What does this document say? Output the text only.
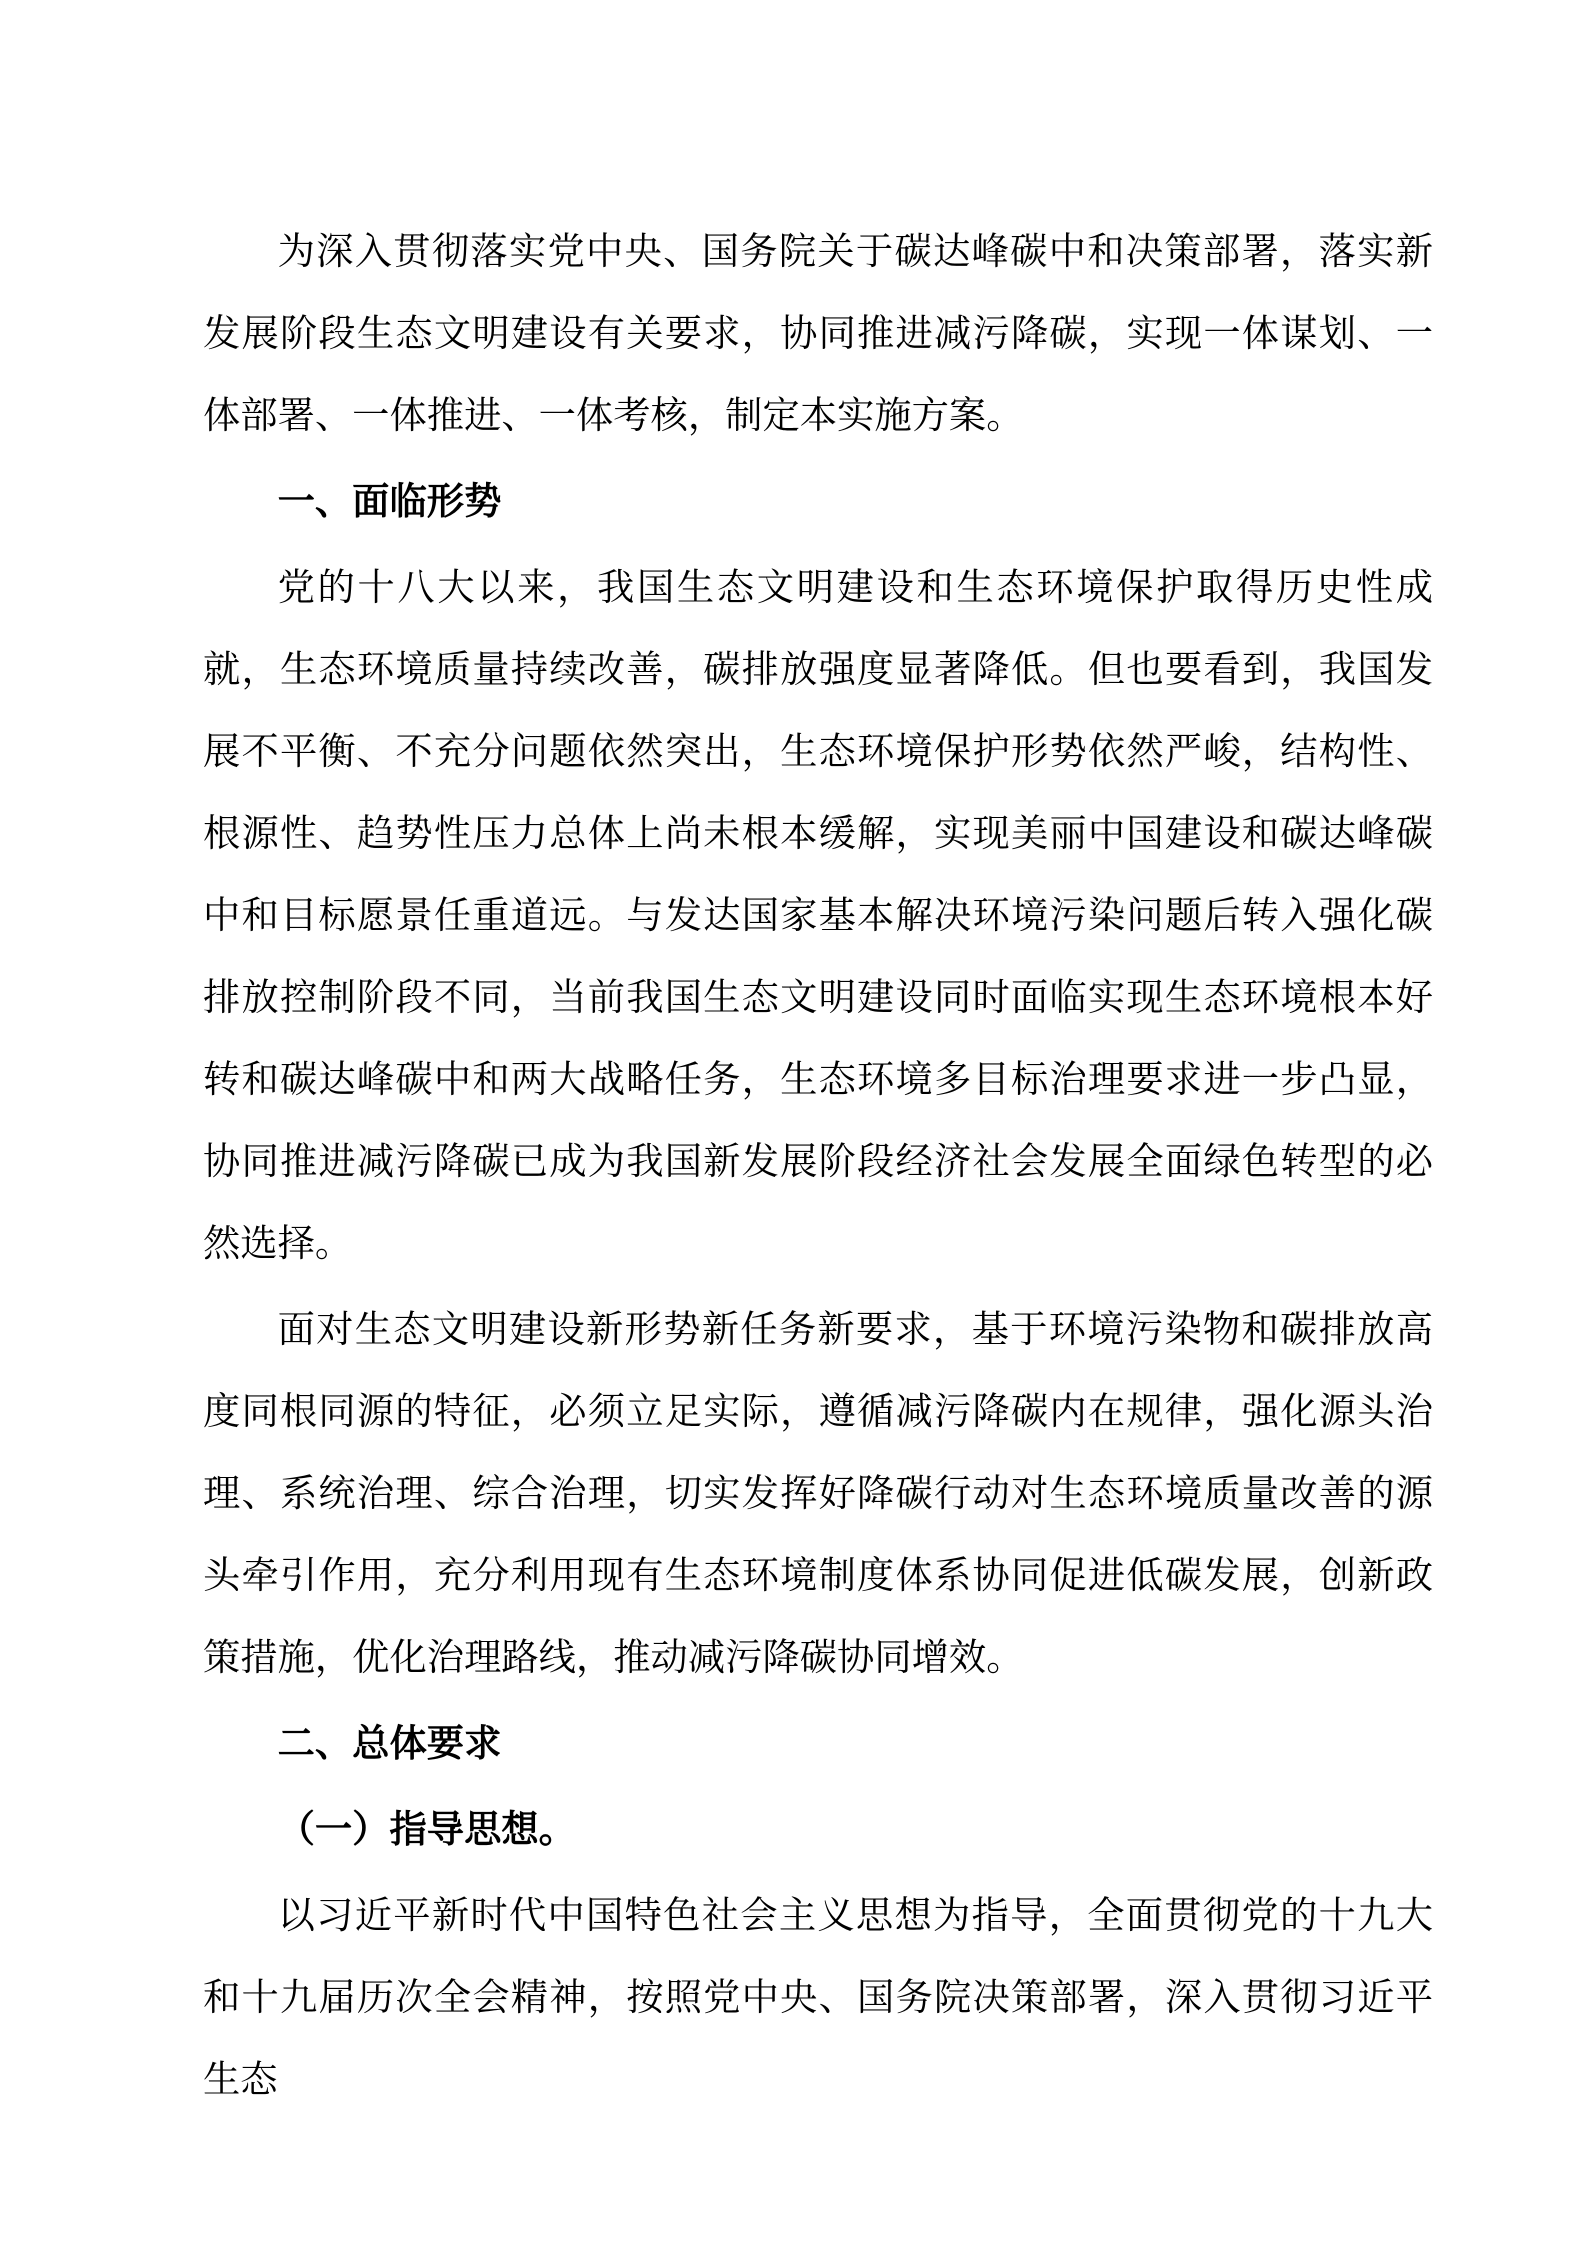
为深入贯彻落实党中央、国务院关于碳达峰碳中和决策部署，落实新发展阶段生态文明建设有关要求，协同推进减污降碳，实现一体谋划、一体部署、一体推进、一体考核，制定本实施方案。

一、面临形势

党的十八大以来，我国生态文明建设和生态环境保护取得历史性成就，生态环境质量持续改善，碳排放强度显著降低。但也要看到，我国发展不平衡、不充分问题依然突出，生态环境保护形势依然严峻，结构性、根源性、趋势性压力总体上尚未根本缓解，实现美丽中国建设和碳达峰碳中和目标愿景任重道远。与发达国家基本解决环境污染问题后转入强化碳排放控制阶段不同，当前我国生态文明建设同时面临实现生态环境根本好转和碳达峰碳中和两大战略任务，生态环境多目标治理要求进一步凸显，协同推进减污降碳已成为我国新发展阶段经济社会发展全面绿色转型的必然选择。

面对生态文明建设新形势新任务新要求，基于环境污染物和碳排放高度同根同源的特征，必须立足实际，遵循减污降碳内在规律，强化源头治理、系统治理、综合治理，切实发挥好降碳行动对生态环境质量改善的源头牵引作用，充分利用现有生态环境制度体系协同促进低碳发展，创新政策措施，优化治理路线，推动减污降碳协同增效。

二、总体要求

（一）指导思想。

以习近平新时代中国特色社会主义思想为指导，全面贯彻党的十九大和十九届历次全会精神，按照党中央、国务院决策部署，深入贯彻习近平生态
